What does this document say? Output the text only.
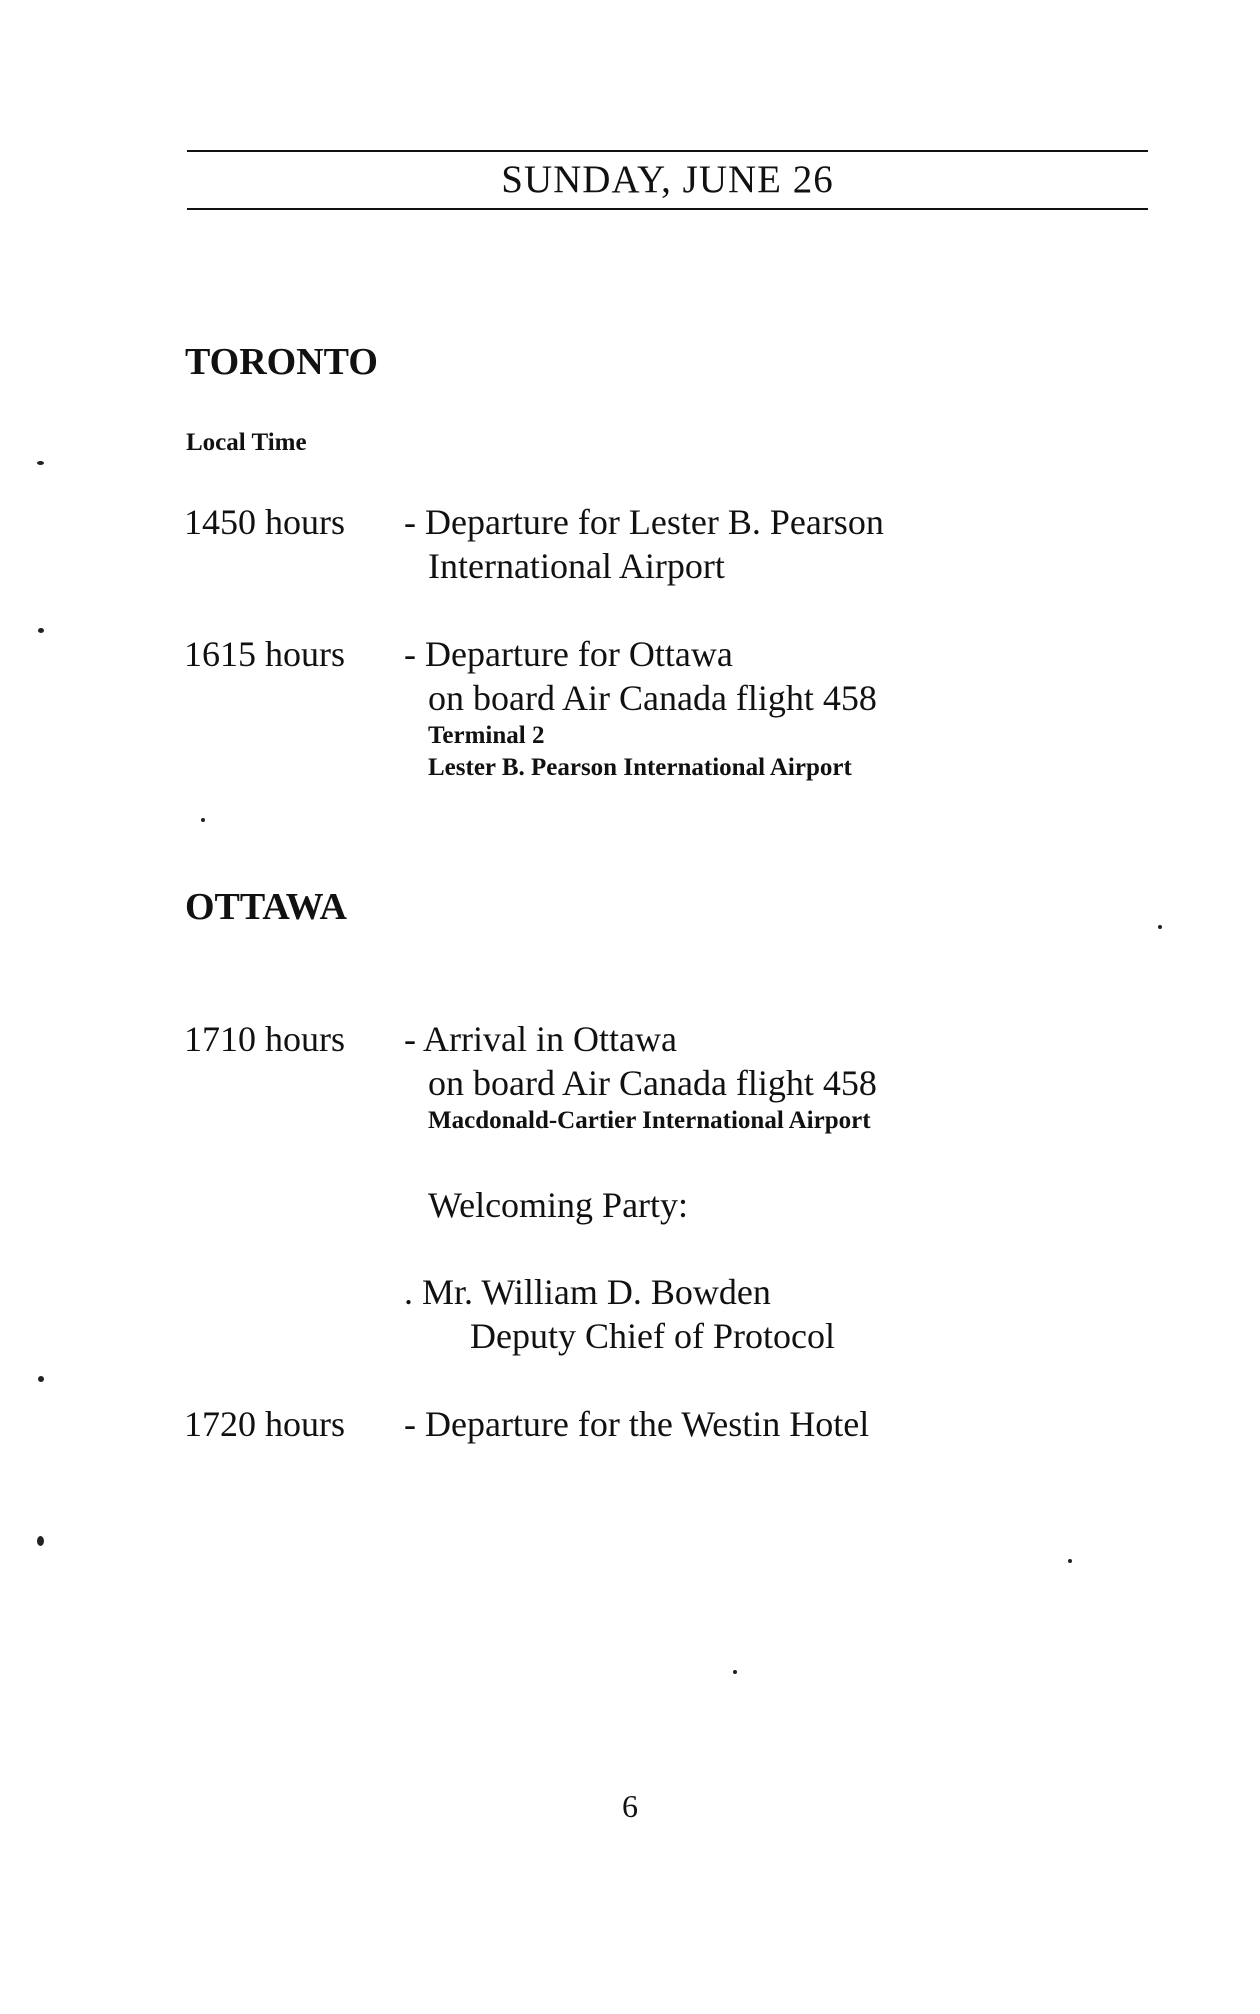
SUNDAY, JUNE 26
TORONTO
Local Time
1450 hours - Departure for Lester B. Pearson
International Airport
1615 hours - Departure for Ottawa
on board Air Canada flight 458
Terminal 2
Lester B. Pearson International Airport
OTTAWA
1710 hours - Arrival in Ottawa
on board Air Canada flight 458
Macdonald-Cartier International Airport
Welcoming Party:
. Mr. William D. Bowden
Deputy Chief of Protocol
1720 hours - Departure for the Westin Hotel
6
